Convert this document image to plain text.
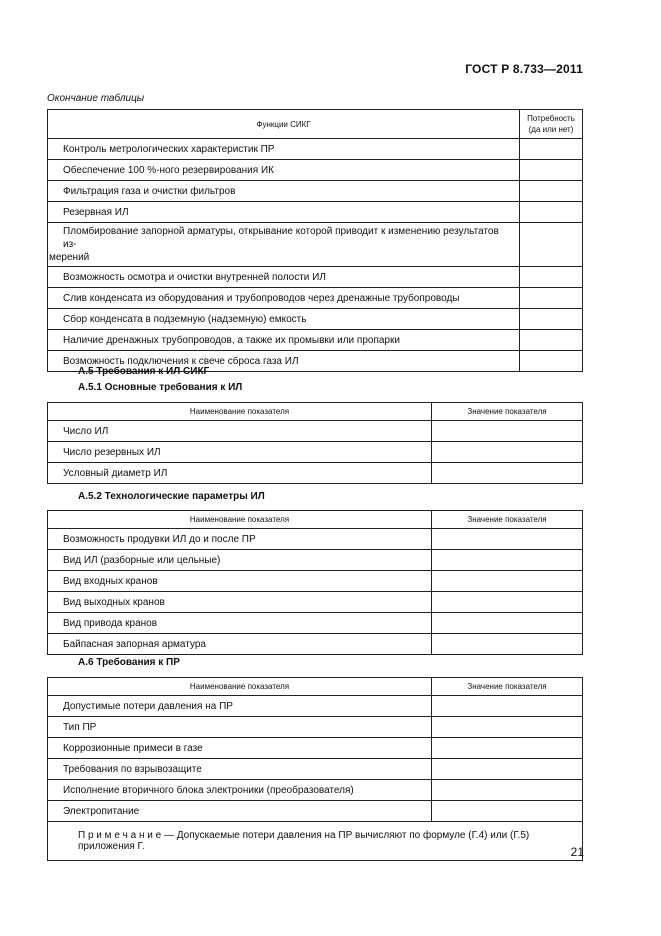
ГОСТ Р 8.733—2011
Окончание таблицы
Функции СИКГ	Потребность
(да или нет)
Контроль метрологических характеристик ПР	
Обеспечение 100 %-ного резервирования ИК	
Фильтрация газа и очистки фильтров	
Резервная ИЛ	
Пломбирование запорной арматуры, открывание которой приводит к изменению результатов из-
мерений	
Возможность осмотра и очистки внутренней полости ИЛ	
Слив конденсата из оборудования и трубопроводов через дренажные трубопроводы	
Сбор конденсата в подземную (надземную) емкость	
Наличие дренажных трубопроводов, а также их промывки или пропарки	
Возможность подключения к свече сброса газа ИЛ	
А.5 Требования к ИЛ СИКГ
А.5.1 Основные требования к ИЛ
Наименование показателя	Значение показателя
Число ИЛ	
Число резервных ИЛ	
Условный диаметр ИЛ	
А.5.2 Технологические параметры ИЛ
Наименование показателя	Значение показателя
Возможность продувки ИЛ до и после ПР	
Вид ИЛ (разборные или цельные)	
Вид входных кранов	
Вид выходных кранов	
Вид привода кранов	
Байпасная запорная арматура	
А.6 Требования к ПР
Наименование показателя	Значение показателя
Допустимые потери давления на ПР	
Тип ПР	
Коррозионные примеси в газе	
Требования по взрывозащите	
Исполнение вторичного блока электроники (преобразователя)	
Электропитание	
П р и м е ч а н и е — Допускаемые потери давления на ПР вычисляют по формуле (Г.4) или (Г.5) приложения Г.		21
